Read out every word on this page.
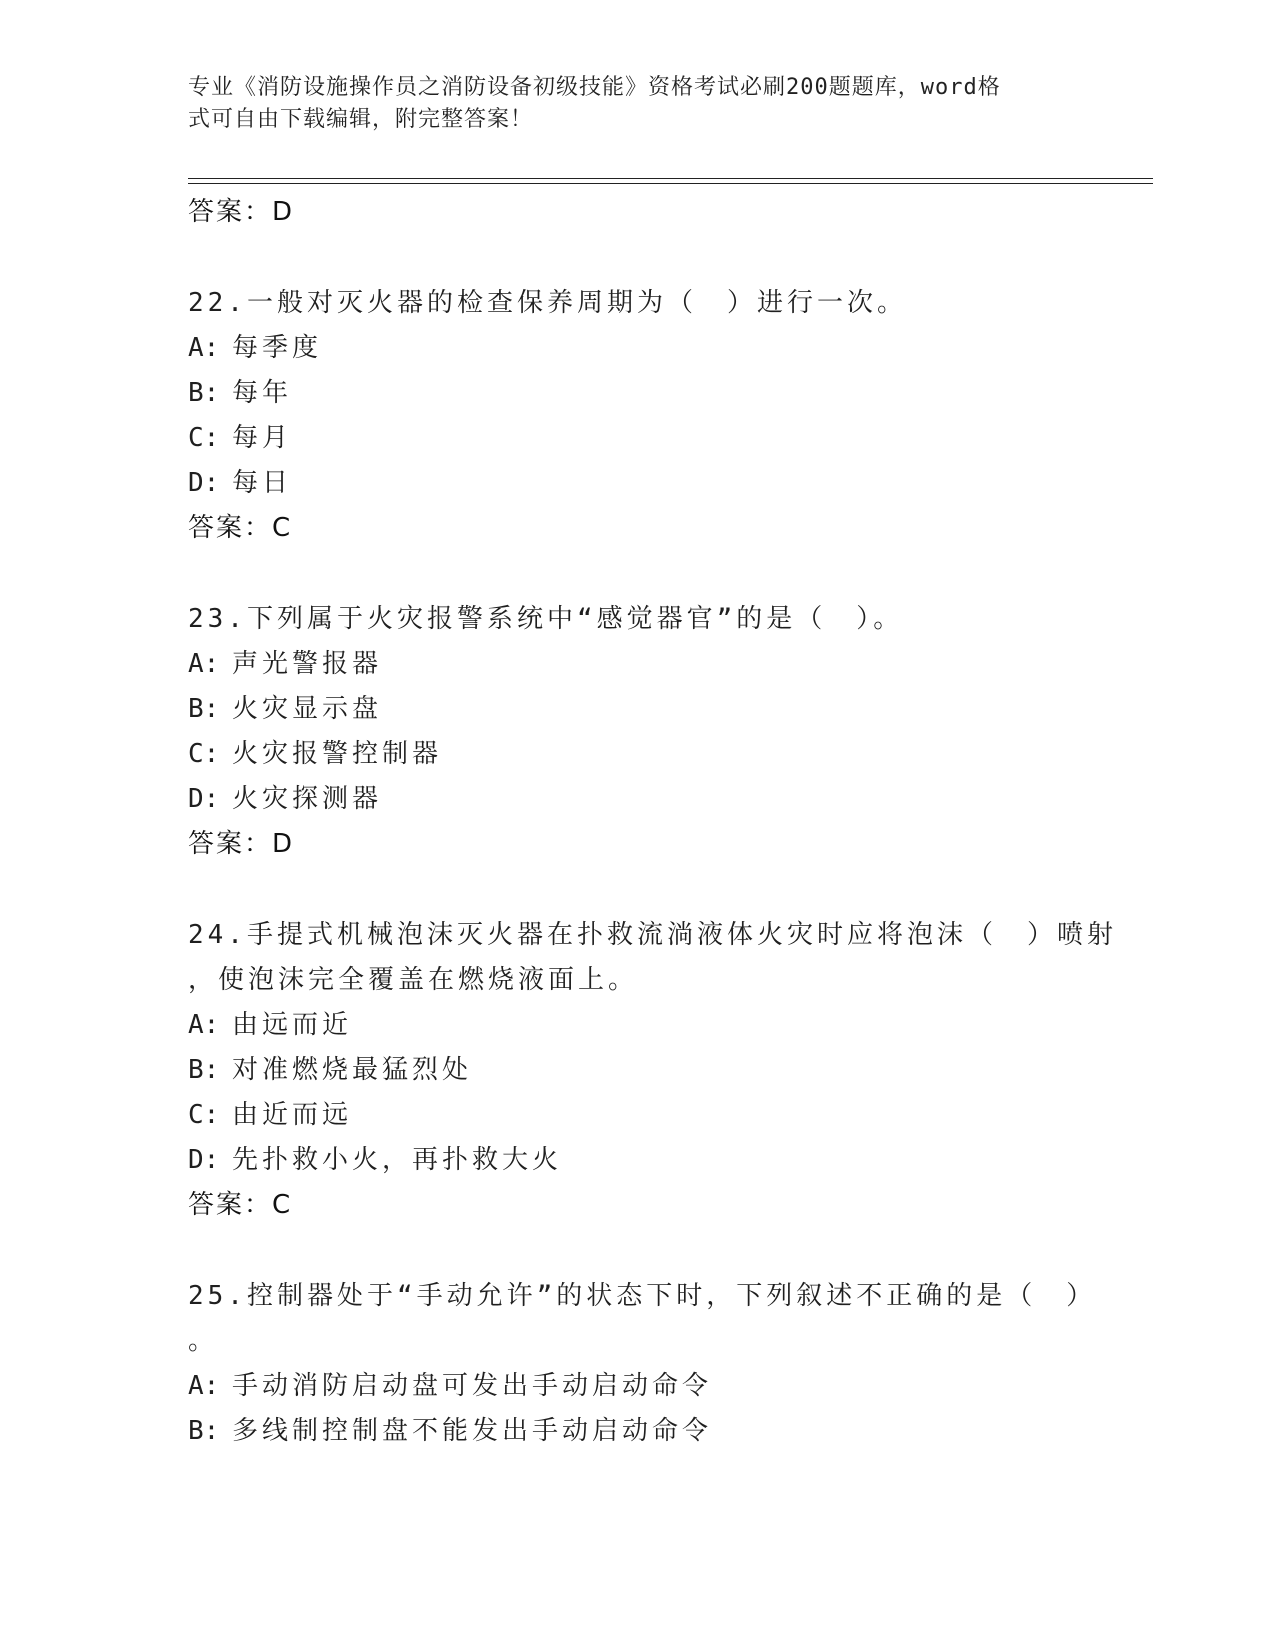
专业《消防设施操作员之消防设备初级技能》资格考试必刷200题题库，word格
式可自由下载编辑，附完整答案！
答案：D
22.一般对灭火器的检查保养周期为（　）进行一次。
A: 每季度
B: 每年
C: 每月
D: 每日
答案：C
23.下列属于火灾报警系统中“感觉器官”的是（　）。
A: 声光警报器
B: 火灾显示盘
C: 火灾报警控制器
D: 火灾探测器
答案：D
24.手提式机械泡沫灭火器在扑救流淌液体火灾时应将泡沫（　）喷射
，使泡沫完全覆盖在燃烧液面上。
A: 由远而近
B: 对准燃烧最猛烈处
C: 由近而远
D: 先扑救小火，再扑救大火
答案：C
25.控制器处于“手动允许”的状态下时，下列叙述不正确的是（　）
。
A: 手动消防启动盘可发出手动启动命令
B: 多线制控制盘不能发出手动启动命令
